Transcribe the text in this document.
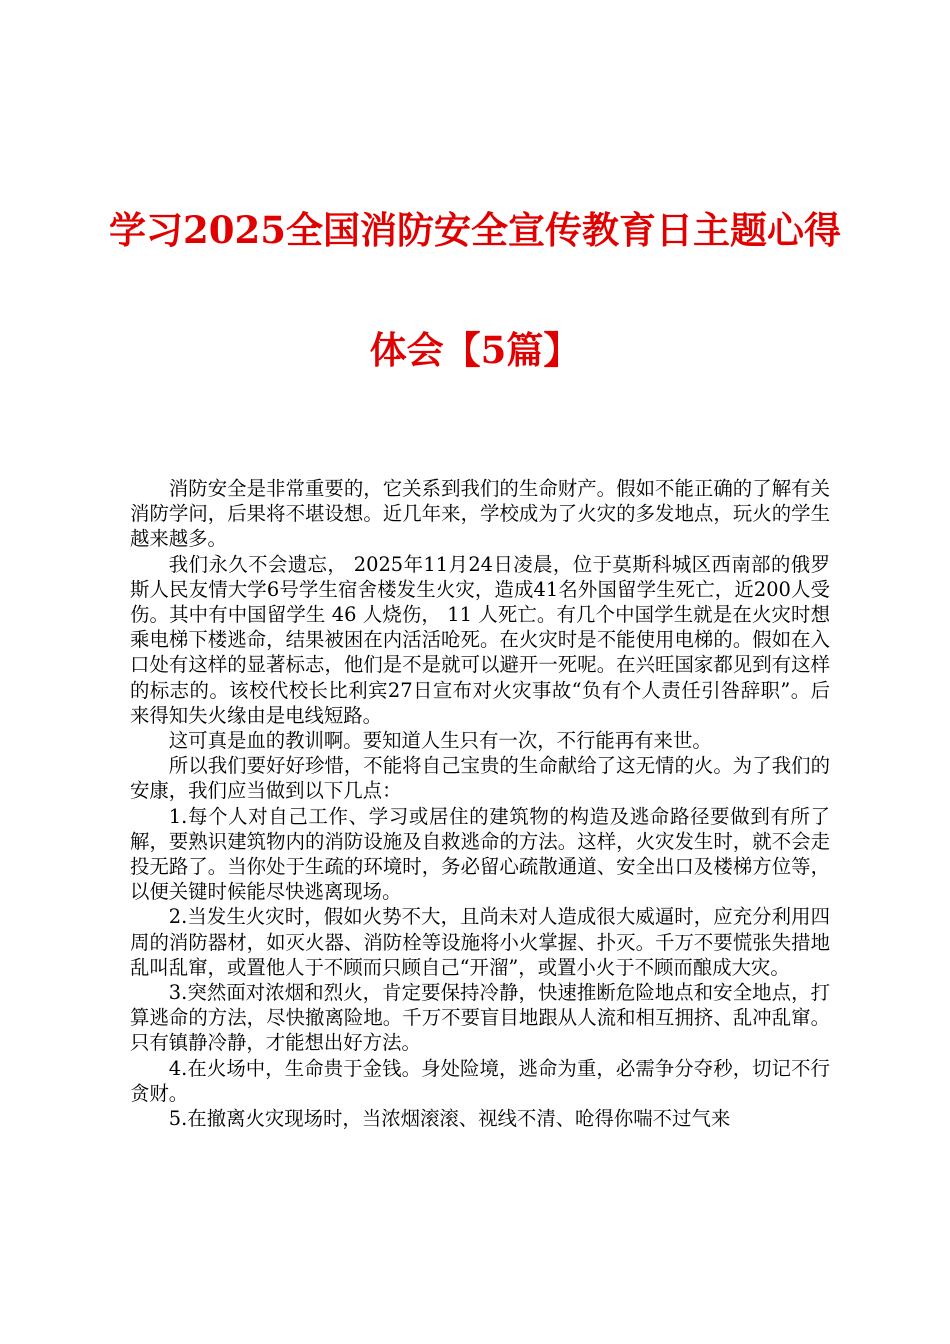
学习2025全国消防安全宣传教育日主题心得
体会【5篇】

消防安全是非常重要的，它关系到我们的生命财产。假如不能正确的了解有关消防学问，后果将不堪设想。近几年来，学校成为了火灾的多发地点，玩火的学生越来越多。

我们永久不会遗忘， 2025年11月24日凌晨，位于莫斯科城区西南部的俄罗斯人民友情大学6号学生宿舍楼发生火灾，造成41名外国留学生死亡，近200人受伤。其中有中国留学生 46 人烧伤， 11 人死亡。有几个中国学生就是在火灾时想乘电梯下楼逃命，结果被困在内活活呛死。在火灾时是不能使用电梯的。假如在入口处有这样的显著标志，他们是不是就可以避开一死呢。在兴旺国家都见到有这样的标志的。该校代校长比利宾27日宣布对火灾事故“负有个人责任引咎辞职”。后来得知失火缘由是电线短路。

这可真是血的教训啊。要知道人生只有一次，不行能再有来世。

所以我们要好好珍惜，不能将自己宝贵的生命献给了这无情的火。为了我们的安康，我们应当做到以下几点：

1.每个人对自己工作、学习或居住的建筑物的构造及逃命路径要做到有所了解，要熟识建筑物内的消防设施及自救逃命的方法。这样，火灾发生时，就不会走投无路了。当你处于生疏的环境时，务必留心疏散通道、安全出口及楼梯方位等，以便关键时候能尽快逃离现场。

2.当发生火灾时，假如火势不大，且尚未对人造成很大威逼时，应充分利用四周的消防器材，如灭火器、消防栓等设施将小火掌握、扑灭。千万不要慌张失措地乱叫乱窜，或置他人于不顾而只顾自己“开溜”，或置小火于不顾而酿成大灾。

3.突然面对浓烟和烈火，肯定要保持冷静，快速推断危险地点和安全地点，打算逃命的方法，尽快撤离险地。千万不要盲目地跟从人流和相互拥挤、乱冲乱窜。只有镇静冷静，才能想出好方法。

4.在火场中，生命贵于金钱。身处险境，逃命为重，必需争分夺秒，切记不行贪财。

5.在撤离火灾现场时，当浓烟滚滚、视线不清、呛得你喘不过气来
